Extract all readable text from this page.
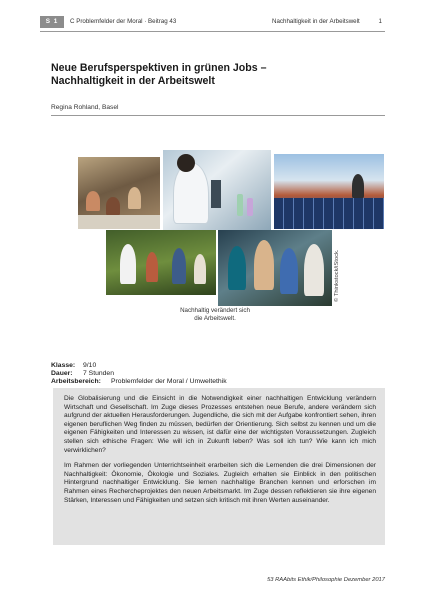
S 1	C Problemfelder der Moral · Beitrag 43	Nachhaltigkeit in der Arbeitswelt	1
Neue Berufsperspektiven in grünen Jobs –
Nachhaltigkeit in der Arbeitswelt
Regina Rohland, Basel
© Thinkstock/iStock.
Nachhaltig verändert sich
die Arbeitswelt.
Klasse: 9/10
Dauer: 7 Stunden
Arbeitsbereich: Problemfelder der Moral / Umweltethik

Die Globalisierung und die Einsicht in die Notwendigkeit einer nachhaltigen Entwicklung verändern Wirtschaft und Gesellschaft. Im Zuge dieses Prozesses entstehen neue Berufe, andere verändern sich aufgrund der aktuellen Herausforderungen. Jugendliche, die sich mit der Aufgabe konfrontiert sehen, ihren eigenen beruflichen Weg finden zu müssen, bedürfen der Orientierung. Sich selbst zu kennen und um die eigenen Fähigkeiten und Interessen zu wissen, ist dafür eine der wichtigsten Voraussetzungen. Zugleich stellen sich ethische Fragen: Wie will ich in Zukunft leben? Was soll ich tun? Wie kann ich mich verwirklichen?

Im Rahmen der vorliegenden Unterrichtseinheit erarbeiten sich die Lernenden die drei Dimensionen der Nachhaltigkeit: Ökonomie, Ökologie und Soziales. Zugleich erhalten sie Einblick in den politischen Hintergrund nachhaltiger Entwicklung. Sie lernen nachhaltige Branchen kennen und erforschen im Rahmen eines Rechercheprojektes den neuen Arbeitsmarkt. Im Zuge dessen reflektieren sie ihre eigenen Stärken, Interessen und Fähigkeiten und setzen sich kritisch mit ihren Werten auseinander.

53 RAAbits Ethik/Philosophie Dezember 2017
